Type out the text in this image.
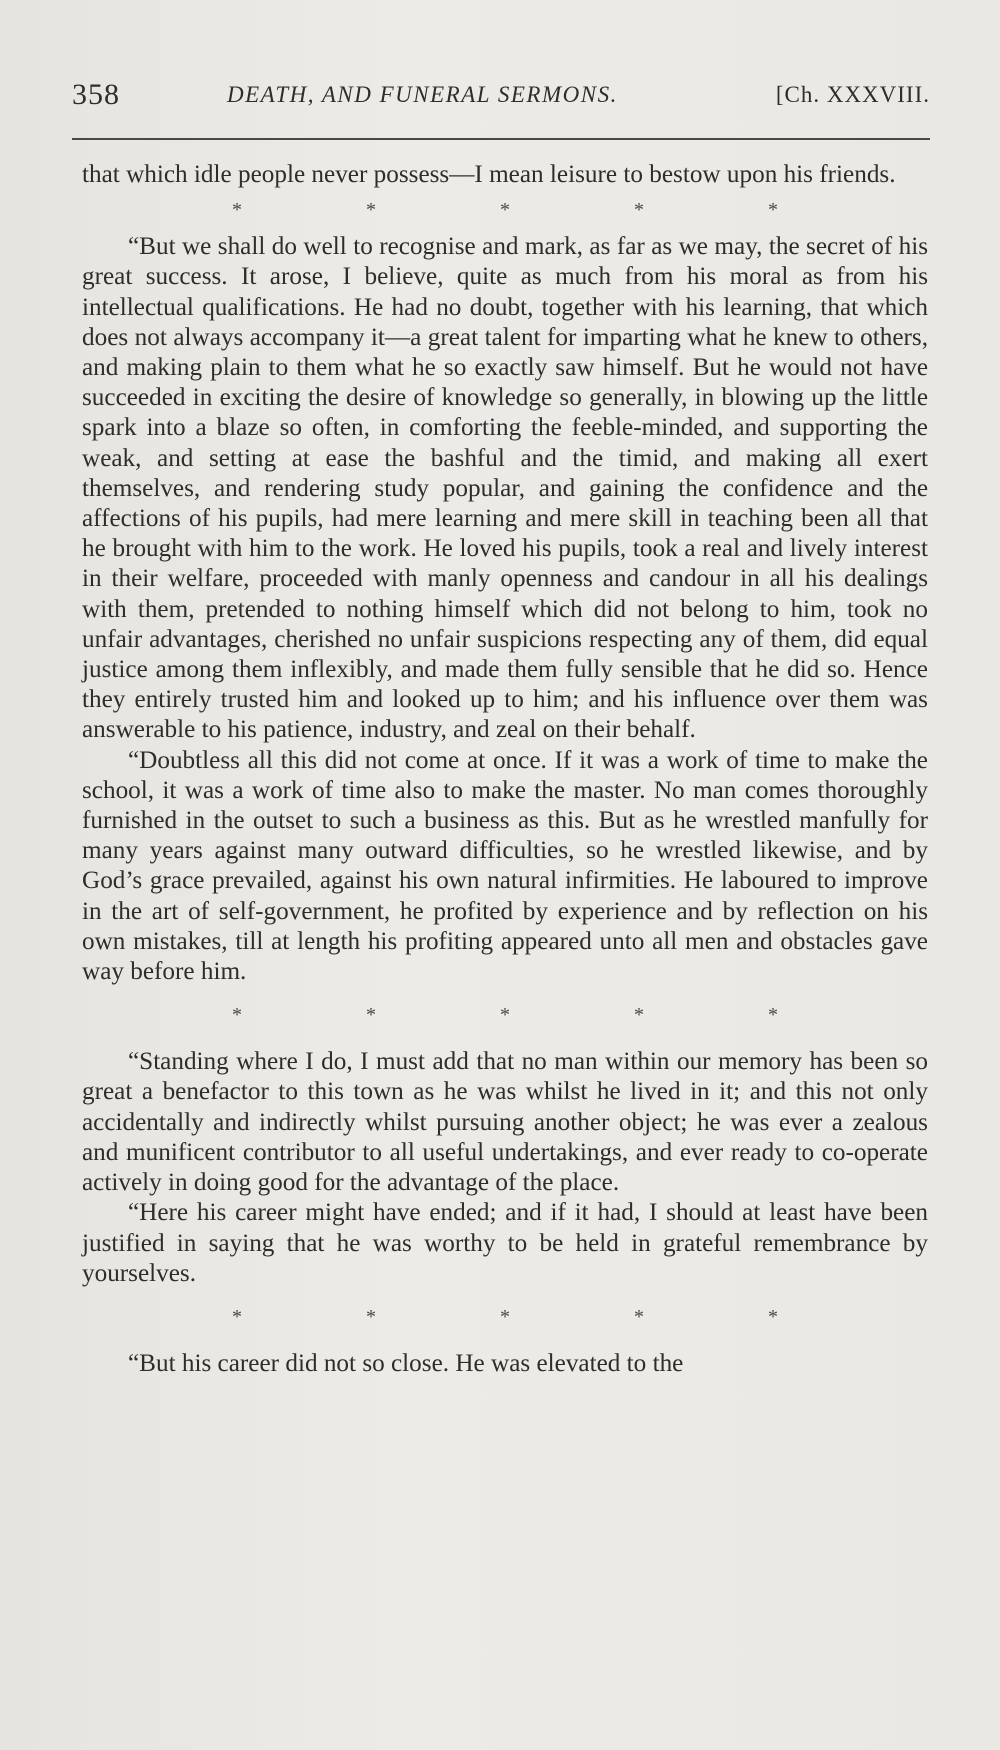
358	DEATH, AND FUNERAL SERMONS.	[Ch. XXXVIII.

that which idle people never possess—I mean leisure to bestow upon his friends.

*	*	*	*	*

“But we shall do well to recognise and mark, as far as we may, the secret of his great success. It arose, I believe, quite as much from his moral as from his intellectual qualifications. He had no doubt, together with his learning, that which does not always accompany it—a great talent for imparting what he knew to others, and making plain to them what he so exactly saw himself. But he would not have succeeded in exciting the desire of knowledge so generally, in blowing up the little spark into a blaze so often, in comforting the feeble-minded, and supporting the weak, and setting at ease the bashful and the timid, and making all exert themselves, and rendering study popular, and gaining the confidence and the affections of his pupils, had mere learning and mere skill in teaching been all that he brought with him to the work. He loved his pupils, took a real and lively interest in their welfare, proceeded with manly openness and candour in all his dealings with them, pretended to nothing himself which did not belong to him, took no unfair advantages, cherished no unfair suspicions respecting any of them, did equal justice among them inflexibly, and made them fully sensible that he did so. Hence they entirely trusted him and looked up to him; and his influence over them was answerable to his patience, industry, and zeal on their behalf.

“Doubtless all this did not come at once. If it was a work of time to make the school, it was a work of time also to make the master. No man comes thoroughly furnished in the outset to such a business as this. But as he wrestled manfully for many years against many outward difficulties, so he wrestled likewise, and by God’s grace prevailed, against his own natural infirmities. He laboured to improve in the art of self-government, he profited by experience and by reflection on his own mistakes, till at length his profiting appeared unto all men and obstacles gave way before him.

*	*	*	*	*

“Standing where I do, I must add that no man within our memory has been so great a benefactor to this town as he was whilst he lived in it; and this not only accidentally and indirectly whilst pursuing another object; he was ever a zealous and munificent contributor to all useful undertakings, and ever ready to co-operate actively in doing good for the advantage of the place.

“Here his career might have ended; and if it had, I should at least have been justified in saying that he was worthy to be held in grateful remembrance by yourselves.

*	*	*	*	*

“But his career did not so close. He was elevated to the
